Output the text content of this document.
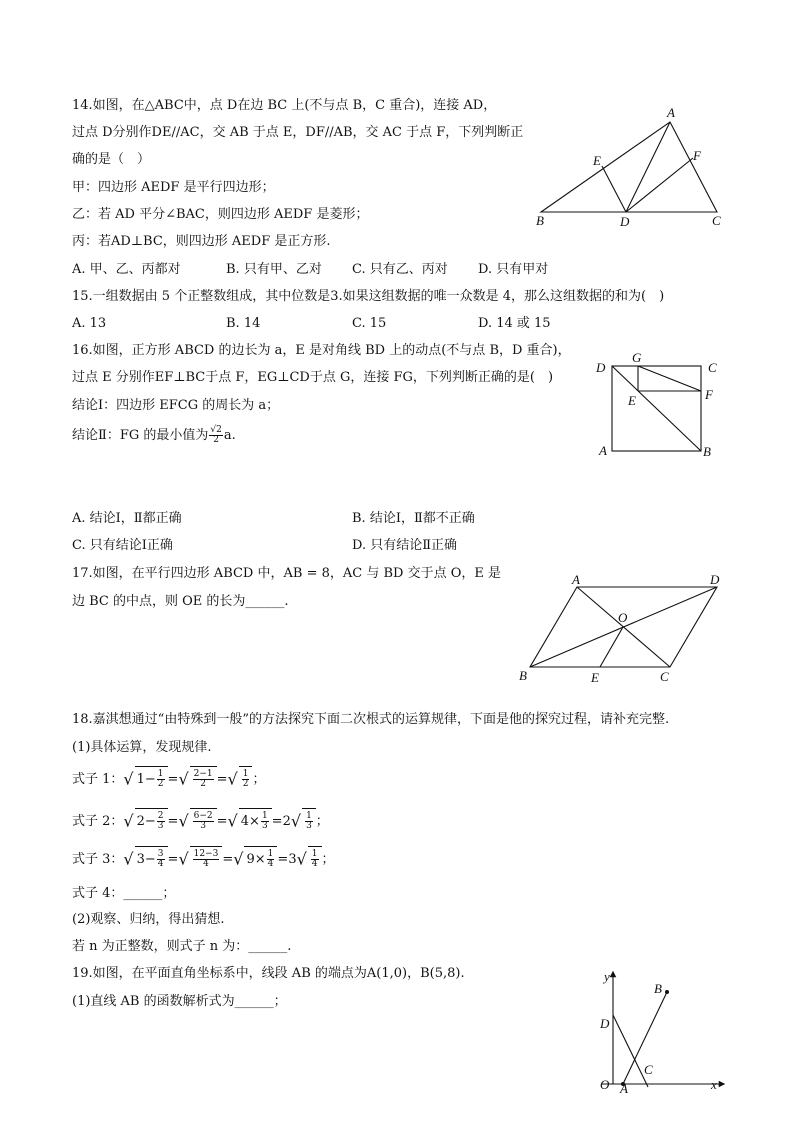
14.如图，在△ABC中，点 D在边 BC 上(不与点 B，C 重合)，连接 AD，
过点 D分别作DE//AC，交 AB 于点 E，DF//AB，交 AC 于点 F，下列判断正
确的是（　）
甲：四边形 AEDF 是平行四边形；
乙：若 AD 平分∠BAC，则四边形 AEDF 是菱形；
丙：若AD⊥BC，则四边形 AEDF 是正方形.
A. 甲、乙、丙都对	B. 只有甲、乙对 C. 只有乙、丙对 D. 只有甲对
A
B	C
D
E	F
15.一组数据由 5 个正整数组成，其中位数是3.如果这组数据的唯一众数是 4，那么这组数据的和为(　)
A. 13	B. 14	C. 15	D. 14 或 15
16.如图，正方形 ABCD 的边长为 a，E 是对角线 BD 上的动点(不与点 B，D 重合)，
过点 E 分别作EF⊥BC于点 F，EG⊥CD于点 G，连接 FG，下列判断正确的是(　)
结论Ⅰ：四边形 EFCG 的周长为 a；
结论Ⅱ：FG 的最小值为 $\frac{√2}{2} a$.
D
G
C
E	F
A	B
A. 结论Ⅰ，Ⅱ都正确	B. 结论Ⅰ，Ⅱ都不正确
C. 只有结论Ⅰ正确	D. 只有结论Ⅱ正确
17.如图，在平行四边形 ABCD 中，AB = 8，AC 与 BD 交于点 O，E 是
边 BC 的中点，则 OE 的长为______.
A	D
O
B	E	C
18.嘉淇想通过“由特殊到一般”的方法探究下面二次根式的运算规律，下面是他的探究过程，请补充完整.
(1)具体运算，发现规律.
式子 1：√ $1- \frac{1}{2}$ =√ $\frac{2-1}{2}$ =√ $\frac{1}{2}$ ；
式子 2：√ $2- \frac{2}{3}$ =√ $\frac{6-2}{3}$ =√ $4\times \frac{1}{3} =2√ \frac{1}{3}$ ；
式子 3：√ $3- \frac{3}{4}$ =√ $\frac{12-3}{4}$ =√ $9\times \frac{1}{4} =3√ \frac{1}{4}$ ；
式子 4：______；
(2)观察、归纳，得出猜想.
若 n 为正整数，则式子 n 为：______.
19.如图，在平面直角坐标系中，线段 AB 的端点为A(1,0)，B(5,8).
(1)直线 AB 的函数解析式为______；
y
x
O A
B
C
D
